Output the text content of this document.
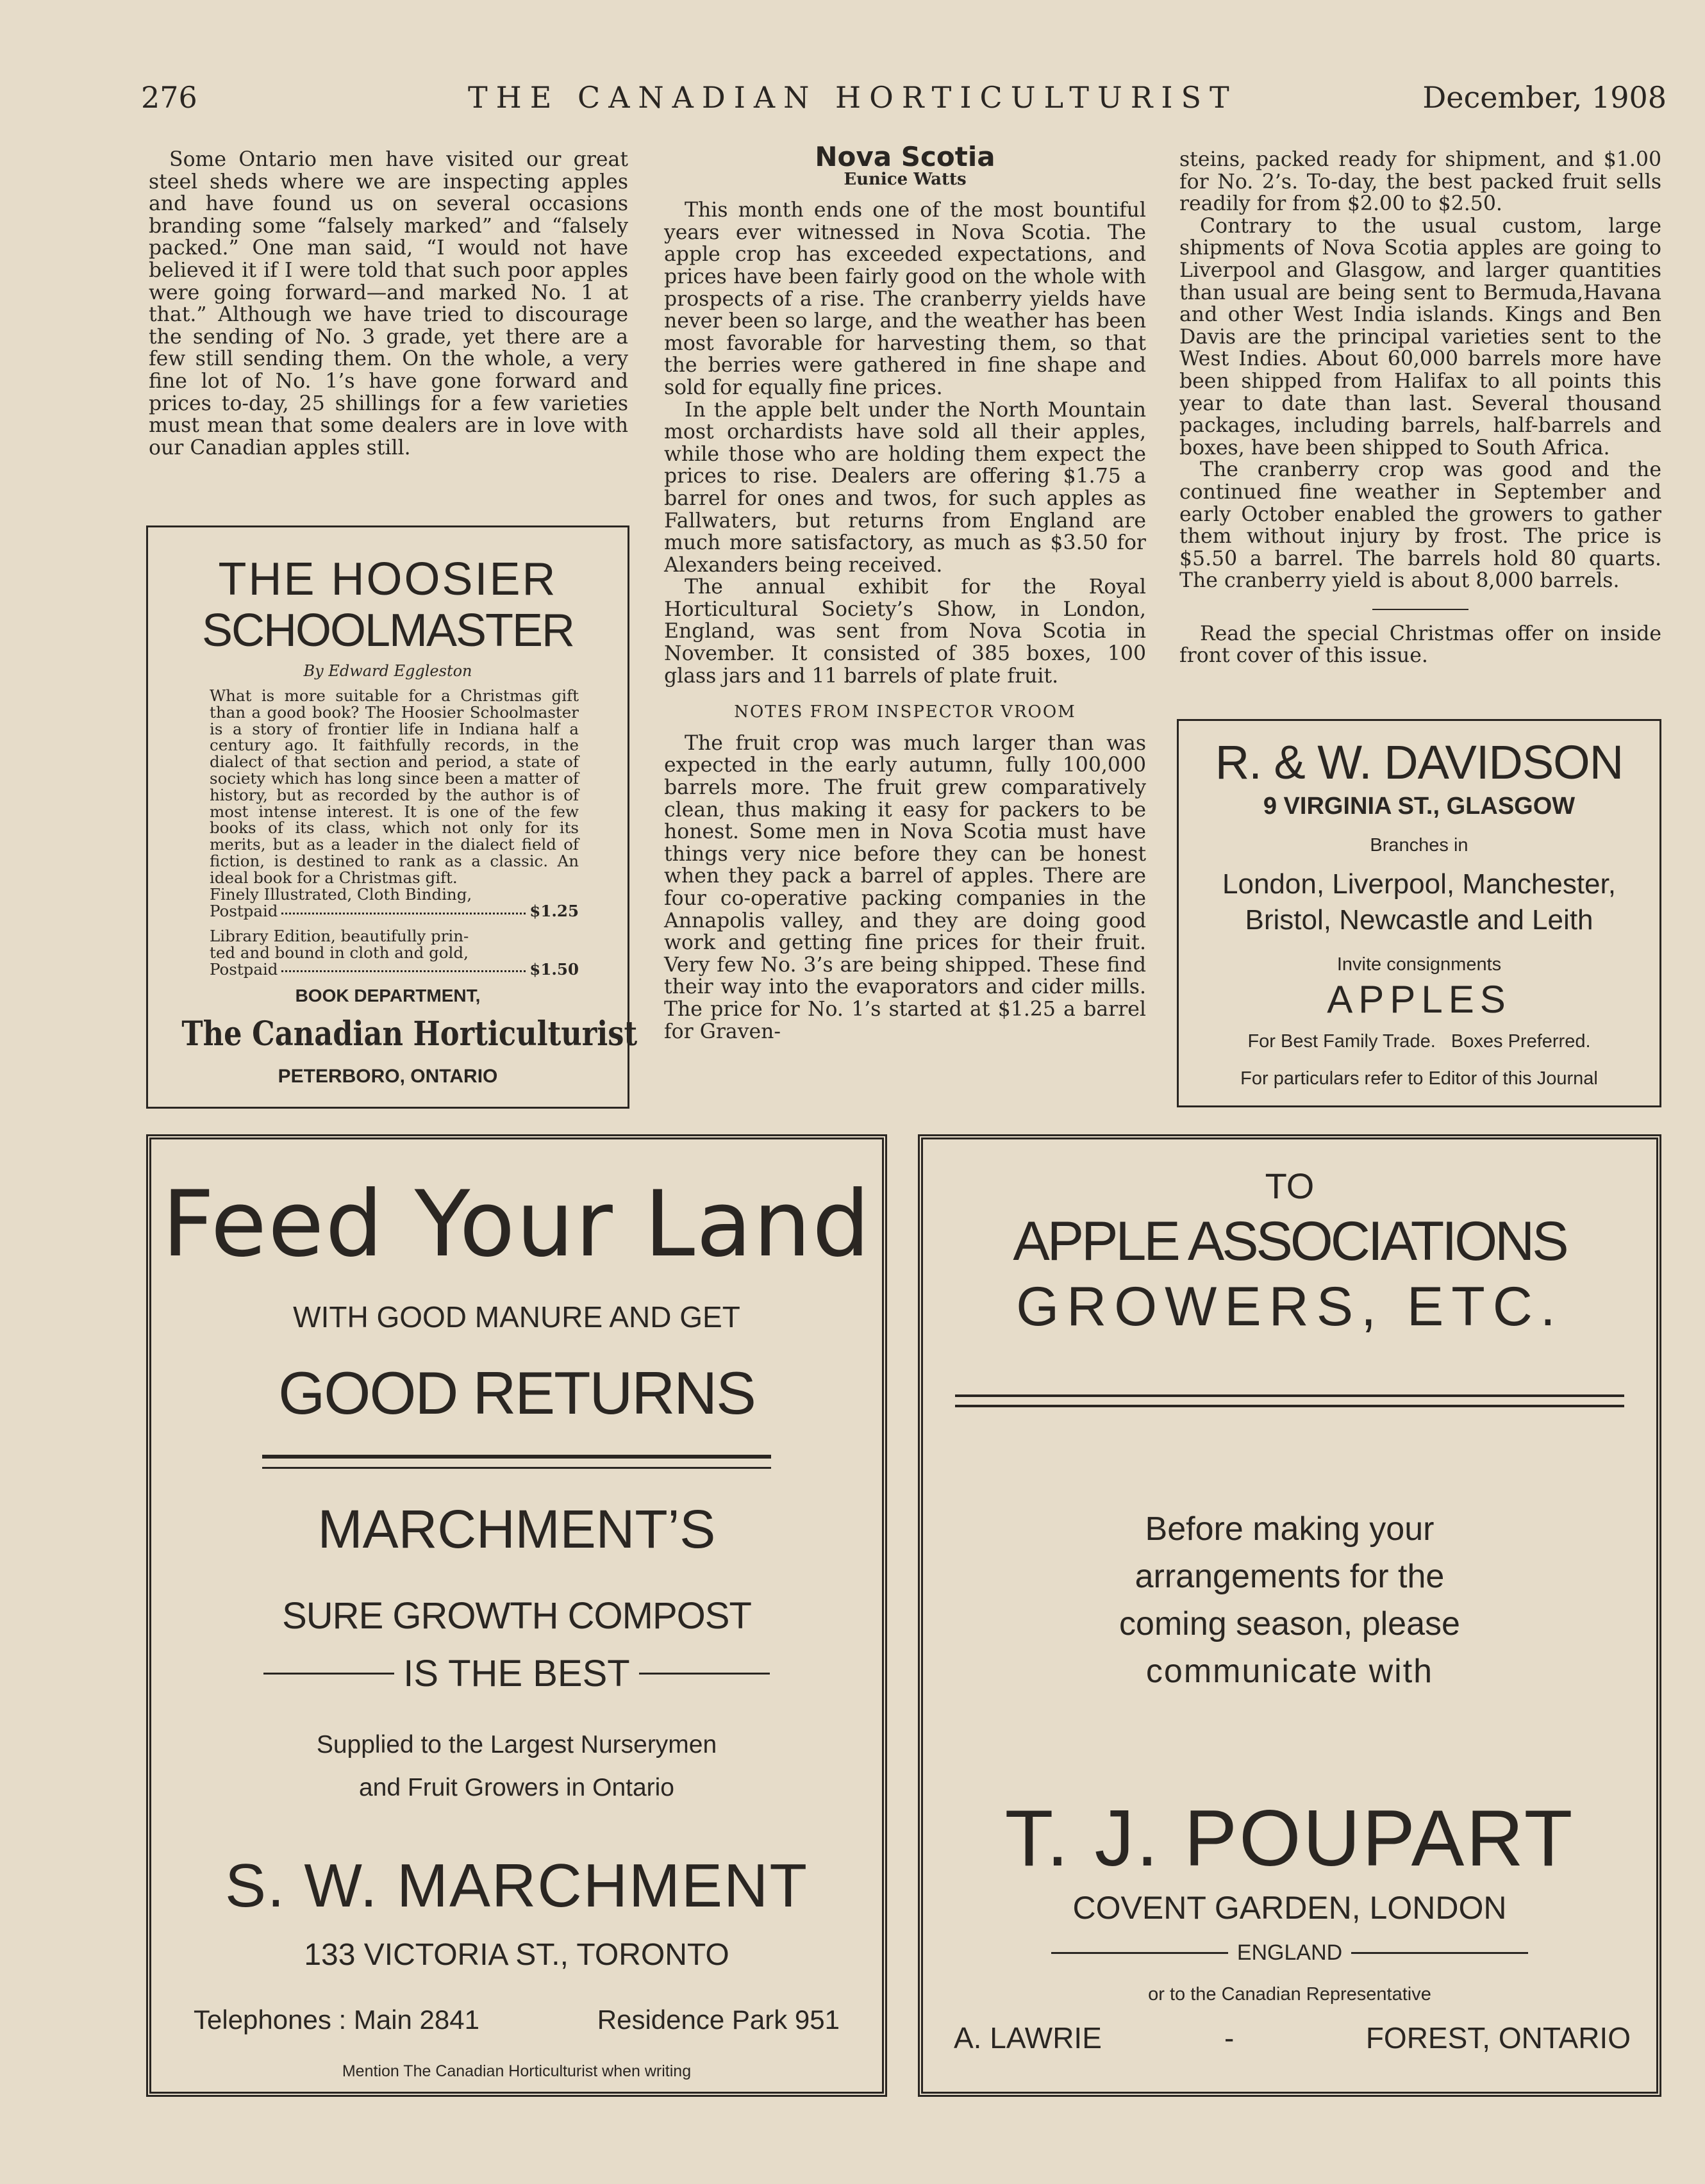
276	THE CANADIAN HORTICULTURIST	December, 1908

Some Ontario men have visited our great steel sheds where we are inspecting apples and have found us on several occasions branding some “falsely marked” and “falsely packed.” One man said, “I would not have believed it if I were told that such poor apples were going forward—and marked No. 1 at that.” Although we have tried to discourage the sending of No. 3 grade, yet there are a few still sending them. On the whole, a very fine lot of No. 1’s have gone forward and prices to-day, 25 shillings for a few varieties must mean that some dealers are in love with our Canadian apples still.

THE HOOSIER
SCHOOLMASTER
By Edward Eggleston
What is more suitable for a Christmas gift than a good book? The Hoosier Schoolmaster is a story of frontier life in Indiana half a century ago. It faithfully records, in the dialect of that section and period, a state of society which has long since been a matter of history, but as recorded by the author is of most intense interest. It is one of the few books of its class, which not only for its merits, but as a leader in the dialect field of fiction, is destined to rank as a classic. An ideal book for a Christmas gift.
Finely Illustrated, Cloth Binding,
Postpaid	$1.25
Library Edition, beautifully prin-
ted and bound in cloth and gold,
Postpaid	$1.50
BOOK DEPARTMENT,
The Canadian Horticulturist
PETERBORO, ONTARIO
Nova Scotia
Eunice Watts

This month ends one of the most bountiful years ever witnessed in Nova Scotia. The apple crop has exceeded expectations, and prices have been fairly good on the whole with prospects of a rise. The cranberry yields have never been so large, and the weather has been most favorable for harvesting them, so that the berries were gathered in fine shape and sold for equally fine prices.

In the apple belt under the North Mountain most orchardists have sold all their apples, while those who are holding them expect the prices to rise. Dealers are offering $1.75 a barrel for ones and twos, for such apples as Fallwaters, but returns from England are much more satisfactory, as much as $3.50 for Alexanders being received.

The annual exhibit for the Royal Horticultural Society’s Show, in London, England, was sent from Nova Scotia in November. It consisted of 385 boxes, 100 glass jars and 11 barrels of plate fruit.

NOTES FROM INSPECTOR VROOM

The fruit crop was much larger than was expected in the early autumn, fully 100,000 barrels more. The fruit grew comparatively clean, thus making it easy for packers to be honest. Some men in Nova Scotia must have things very nice before they can be honest when they pack a barrel of apples. There are four co-operative packing companies in the Annapolis valley, and they are doing good work and getting fine prices for their fruit. Very few No. 3’s are being shipped. These find their way into the evaporators and cider mills. The price for No. 1’s started at $1.25 a barrel for Graven-

steins, packed ready for shipment, and $1.00 for No. 2’s. To-day, the best packed fruit sells readily for from $2.00 to $2.50.

Contrary to the usual custom, large shipments of Nova Scotia apples are going to Liverpool and Glasgow, and larger quantities than usual are being sent to Bermuda,Havana and other West India islands. Kings and Ben Davis are the principal varieties sent to the West Indies. About 60,000 barrels more have been shipped from Halifax to all points this year to date than last. Several thousand packages, including barrels, half-barrels and boxes, have been shipped to South Africa.

The cranberry crop was good and the continued fine weather in September and early October enabled the growers to gather them without injury by frost. The price is $5.50 a barrel. The barrels hold 80 quarts. The cranberry yield is about 8,000 barrels.

Read the special Christmas offer on inside front cover of this issue.

R. & W. DAVIDSON
9 VIRGINIA ST., GLASGOW
Branches in
London, Liverpool, Manchester,
Bristol, Newcastle and Leith
Invite consignments
APPLES
For Best Family Trade.   Boxes Preferred.
For particulars refer to Editor of this Journal
Feed Your Land
WITH GOOD MANURE AND GET
GOOD RETURNS
MARCHMENT’S
SURE GROWTH COMPOST
IS THE BEST
Supplied to the Largest Nurserymen
and Fruit Growers in Ontario
S. W. MARCHMENT
133 VICTORIA ST., TORONTO
Telephones : Main 2841	Residence Park 951
Mention The Canadian Horticulturist when writing
TO
APPLE ASSOCIATIONS
GROWERS, ETC.
Before making your
arrangements for the
coming season, please
communicate with
T. J. POUPART
COVENT GARDEN, LONDON
ENGLAND
or to the Canadian Representative
A. LAWRIE	-	FOREST, ONTARIO
